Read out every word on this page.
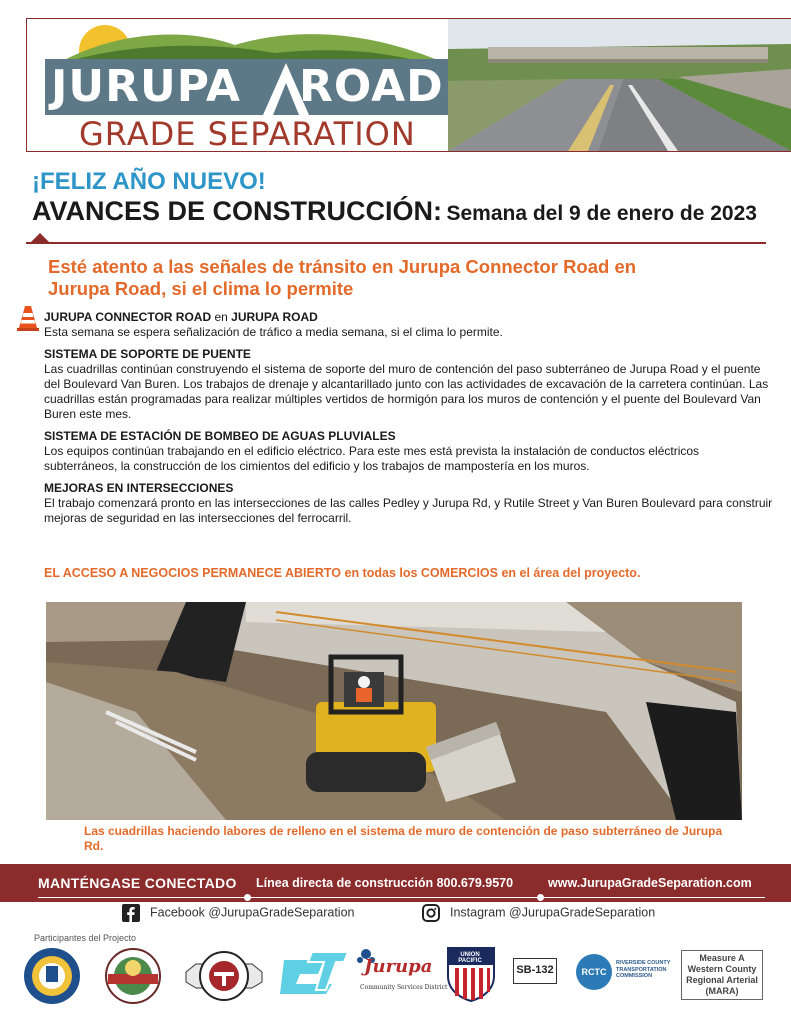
JURUPA ROAD
GRADE SEPARATION
¡FELIZ AÑO NUEVO!
AVANCES DE CONSTRUCCIÓN: Semana del 9 de enero de 2023
Esté atento a las señales de tránsito en Jurupa Connector Road en Jurupa Road, si el clima lo permite
JURUPA CONNECTOR ROAD en JURUPA ROAD
Esta semana se espera señalización de tráfico a media semana, si el clima lo permite.
SISTEMA DE SOPORTE DE PUENTE
Las cuadrillas continúan construyendo el sistema de soporte del muro de contención del paso subterráneo de Jurupa Road y el puente del Boulevard Van Buren. Los trabajos de drenaje y alcantarillado junto con las actividades de excavación de la carretera continúan. Las cuadrillas están programadas para realizar múltiples vertidos de hormigón para los muros de contención y el puente del Boulevard Van Buren este mes.
SISTEMA DE ESTACIÓN DE BOMBEO DE AGUAS PLUVIALES
Los equipos continúan trabajando en el edificio eléctrico. Para este mes está prevista la instalación de conductos eléctricos subterráneos, la construcción de los cimientos del edificio y los trabajos de mampostería en los muros.
MEJORAS EN INTERSECCIONES
El trabajo comenzará pronto en las intersecciones de las calles Pedley y Jurupa Rd, y Rutile Street y Van Buren Boulevard para construir mejoras de seguridad en las intersecciones del ferrocarril.
EL ACCESO A NEGOCIOS PERMANECE ABIERTO en todas los COMERCIOS en el área del proyecto.
Las cuadrillas haciendo labores de relleno en el sistema de muro de contención de paso subterráneo de Jurupa Rd.
MANTÉNGASE CONECTADO Línea directa de construcción 800.679.9570	www.JurupaGradeSeparation.com
Facebook @JurupaGradeSeparation	Instagram @JurupaGradeSeparation
Participantes del Projecto
Jurupa
Community Services District
UNION PACIFIC
SB-132	RCTC
RIVERSIDE COUNTY TRANSPORTATION COMMISSION
Measure A Western County Regional Arterial (MARA)
